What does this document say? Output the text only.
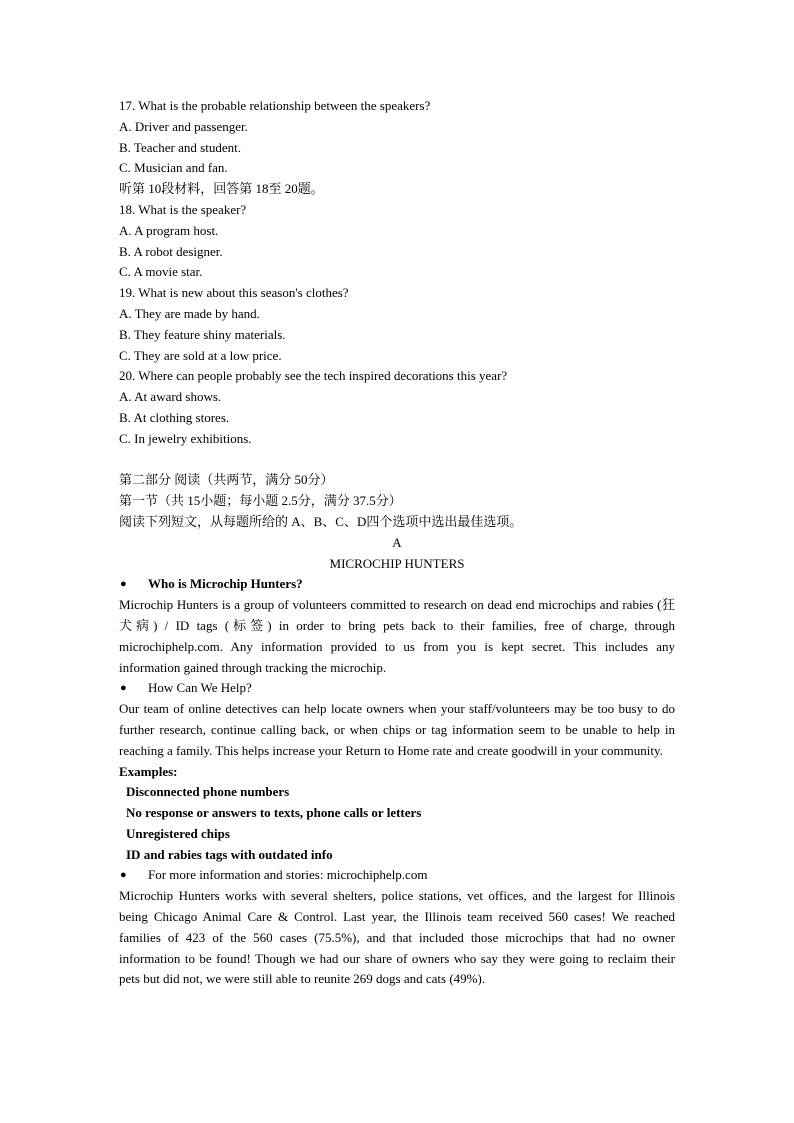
17. What is the probable relationship between the speakers?
A. Driver and passenger.
B. Teacher and student.
C. Musician and fan.
听第 10段材料，回答第 18至 20题。
18. What is the speaker?
A. A program host.
B. A robot designer.
C. A movie star.
19. What is new about this season's clothes?
A. They are made by hand.
B. They feature shiny materials.
C. They are sold at a low price.
20. Where can people probably see the tech inspired decorations this year?
A. At award shows.
B. At clothing stores.
C. In jewelry exhibitions.
第二部分 阅读（共两节，满分 50分）
第一节（共 15小题；每小题 2.5分，满分 37.5分）
阅读下列短文，从每题所给的 A、B、C、D四个选项中选出最佳选项。
A
MICROCHIP HUNTERS
●	Who is Microchip Hunters?
Microchip Hunters is a group of volunteers committed to research on dead end microchips and rabies (狂犬病) / ID tags (标签) in order to bring pets back to their families, free of charge, through microchiphelp.com. Any information provided to us from you is kept secret. This includes any information gained through tracking the microchip.
●	How Can We Help?
Our team of online detectives can help locate owners when your staff/volunteers may be too busy to do further research, continue calling back, or when chips or tag information seem to be unable to help in reaching a family. This helps increase your Return to Home rate and create goodwill in your community.
Examples:
Disconnected phone numbers
No response or answers to texts, phone calls or letters
Unregistered chips
ID and rabies tags with outdated info
●	For more information and stories: microchiphelp.com
Microchip Hunters works with several shelters, police stations, vet offices, and the largest for Illinois being Chicago Animal Care & Control. Last year, the Illinois team received 560 cases! We reached families of 423 of the 560 cases (75.5%), and that included those microchips that had no owner information to be found! Though we had our share of owners who say they were going to reclaim their pets but did not, we were still able to reunite 269 dogs and cats (49%).
